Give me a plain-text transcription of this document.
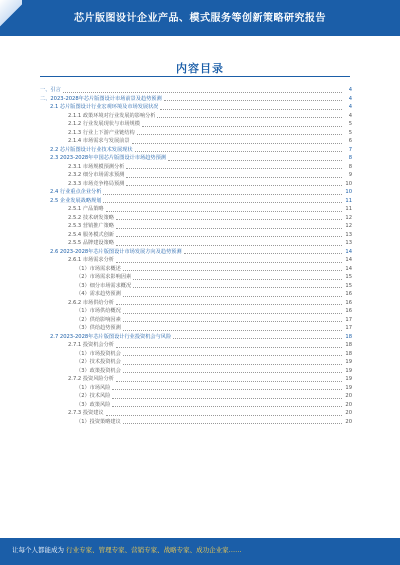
芯片版图设计企业产品、模式服务等创新策略研究报告
内容目录
一、引言	4
二、2023-2028年芯片版图设计市场前景及趋势预测	4
2.1 芯片版图设计行业宏观环境及市场发展状况	4
2.1.1 政策环境对行业发展的影响分析	4
2.1.2 行业发展现状与市场规模	5
2.1.3 行业上下游产业链结构	5
2.1.4 市场需求与发展前景	6
2.2 芯片版图设计行业技术发展现状	7
2.3 2023-2028年中国芯片版图设计市场趋势预测	8
2.3.1 市场规模预测分析	8
2.3.2 细分市场需求预测	9
2.3.3 市场竞争格局预测	10
2.4 行业重点企业分析	10
2.5 企业发展战略规划	11
2.5.1 产品策略	11
2.5.2 技术研发策略	12
2.5.3 营销推广策略	12
2.5.4 服务模式创新	13
2.5.5 品牌建设策略	13
2.6 2023-2028年芯片版图设计市场发展方向及趋势预测	14
2.6.1 市场需求分析	14
（1）市场需求概述	14
（2）市场需求影响因素	15
（3）细分市场需求概况	15
（4）需求趋势预测	16
2.6.2 市场供给分析	16
（1）市场供给概况	16
（2）供给影响因素	17
（3）供给趋势预测	17
2.7 2023-2028年芯片版图设计行业投资机会与风险	18
2.7.1 投资机会分析	18
（1）市场投资机会	18
（2）技术投资机会	19
（3）政策投资机会	19
2.7.2 投资风险分析	19
（1）市场风险	19
（2）技术风险	20
（3）政策风险	20
2.7.3 投资建议	20
（1）投资策略建议	20
让每个人都能成为 行业专家、管理专家、营销专家、战略专家、成功企业家……
